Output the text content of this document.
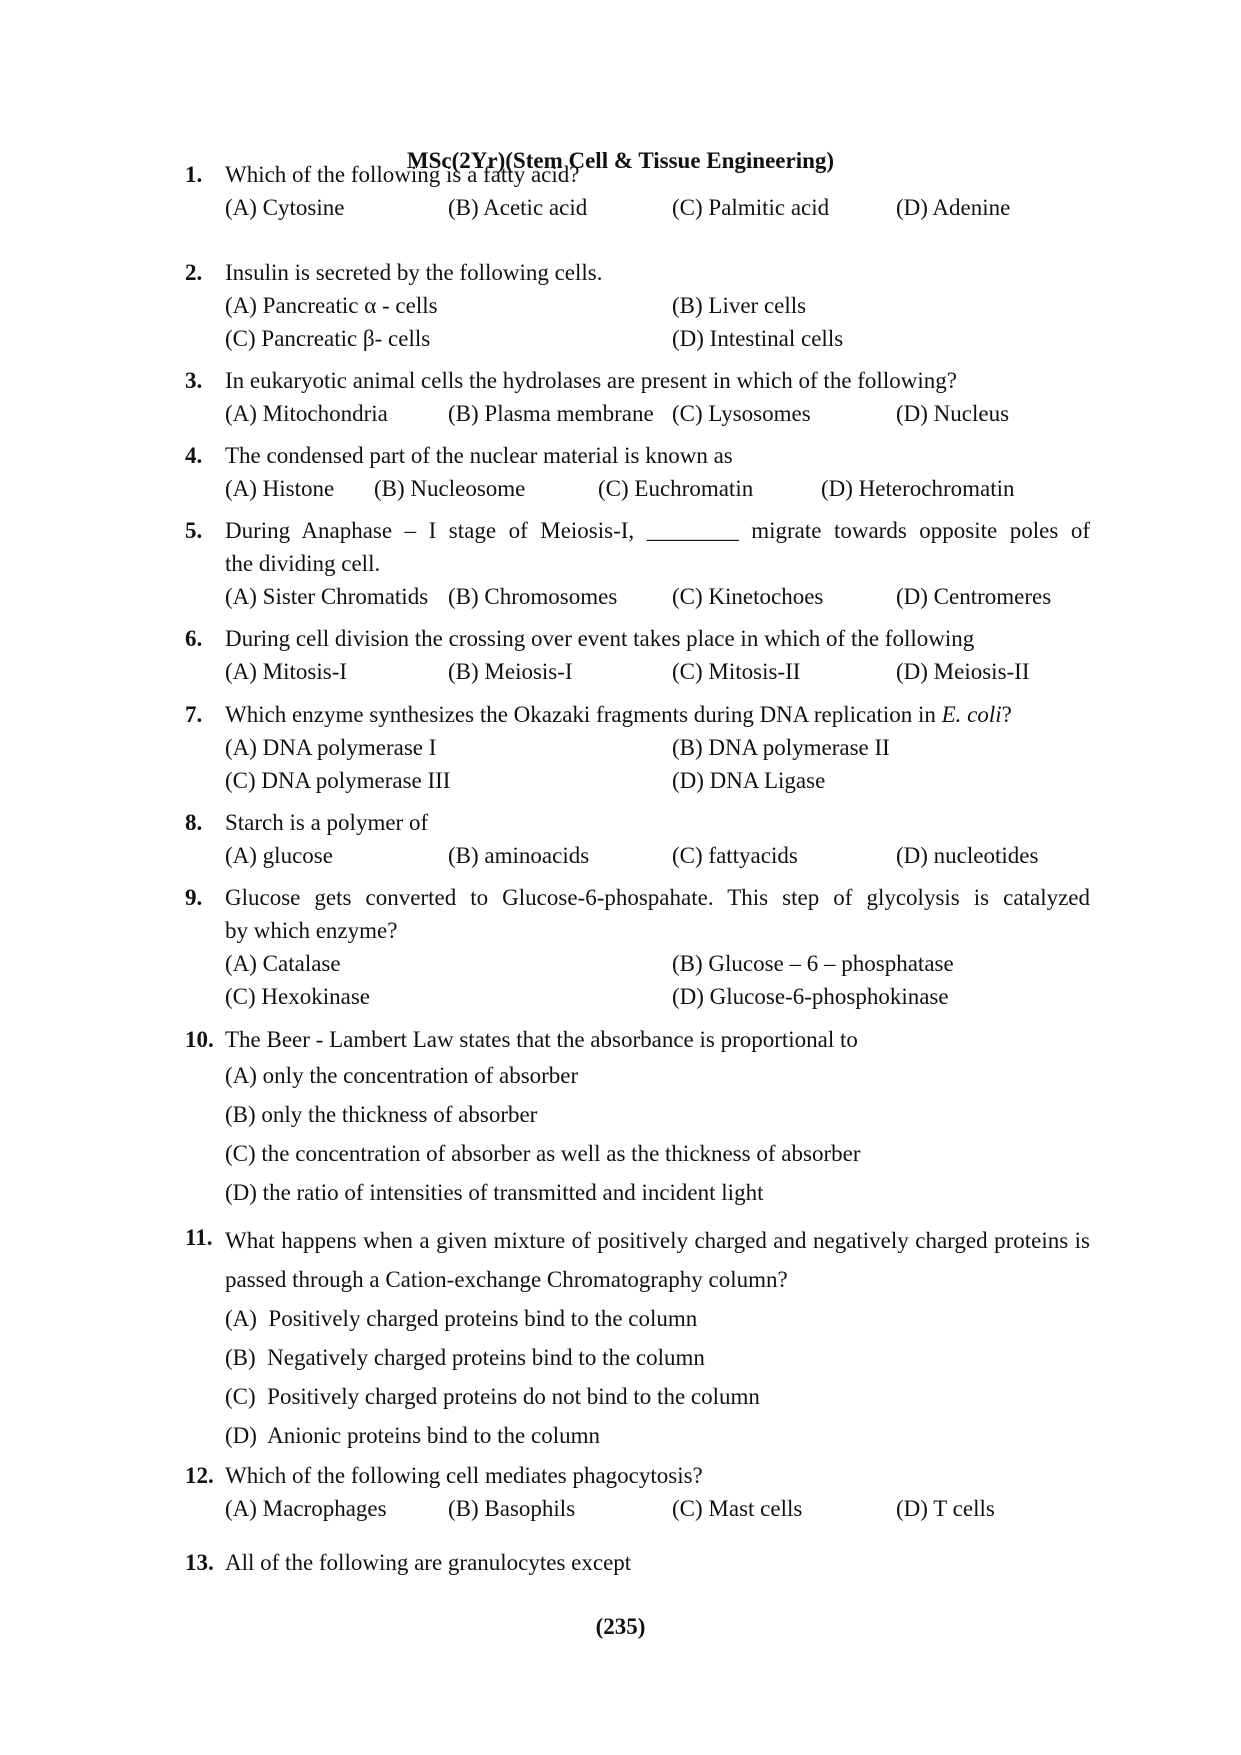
MSc(2Yr)(Stem Cell & Tissue Engineering)
1. Which of the following is a fatty acid?
(A) Cytosine	(B) Acetic acid	(C) Palmitic acid	(D) Adenine
2. Insulin is secreted by the following cells.
(A) Pancreatic α - cells	(B) Liver cells
(C) Pancreatic β- cells	(D) Intestinal cells
3. In eukaryotic animal cells the hydrolases are present in which of the following?
(A) Mitochondria	(B) Plasma membrane (C) Lysosomes	(D) Nucleus
4. The condensed part of the nuclear material is known as
(A) Histone (B) Nucleosome	(C) Euchromatin	(D) Heterochromatin
5. During Anaphase – I stage of Meiosis-I, ________ migrate towards opposite poles of
the dividing cell.
(A) Sister Chromatids (B) Chromosomes (C) Kinetochoes	(D) Centromeres
6. During cell division the crossing over event takes place in which of the following
(A) Mitosis-I	(B) Meiosis-I	(C) Mitosis-II	(D) Meiosis-II
7. Which enzyme synthesizes the Okazaki fragments during DNA replication in E. coli?
(A) DNA polymerase I	(B) DNA polymerase II
(C) DNA polymerase III	(D) DNA Ligase
8. Starch is a polymer of
(A) glucose	(B) aminoacids	(C) fattyacids	(D) nucleotides
9. Glucose gets converted to Glucose-6-phospahate. This step of glycolysis is catalyzed
by which enzyme?
(A) Catalase	(B) Glucose – 6 – phosphatase
(C) Hexokinase	(D) Glucose-6-phosphokinase
10. The Beer - Lambert Law states that the absorbance is proportional to
(A) only the concentration of absorber
(B) only the thickness of absorber
(C) the concentration of absorber as well as the thickness of absorber
(D) the ratio of intensities of transmitted and incident light
11. What happens when a given mixture of positively charged and negatively charged proteins is passed through a Cation-exchange Chromatography column?
(A)  Positively charged proteins bind to the column
(B)  Negatively charged proteins bind to the column
(C)  Positively charged proteins do not bind to the column
(D)  Anionic proteins bind to the column
12. Which of the following cell mediates phagocytosis?
(A) Macrophages	(B) Basophils	(C) Mast cells	(D) T cells
13. All of the following are granulocytes except
(235)
